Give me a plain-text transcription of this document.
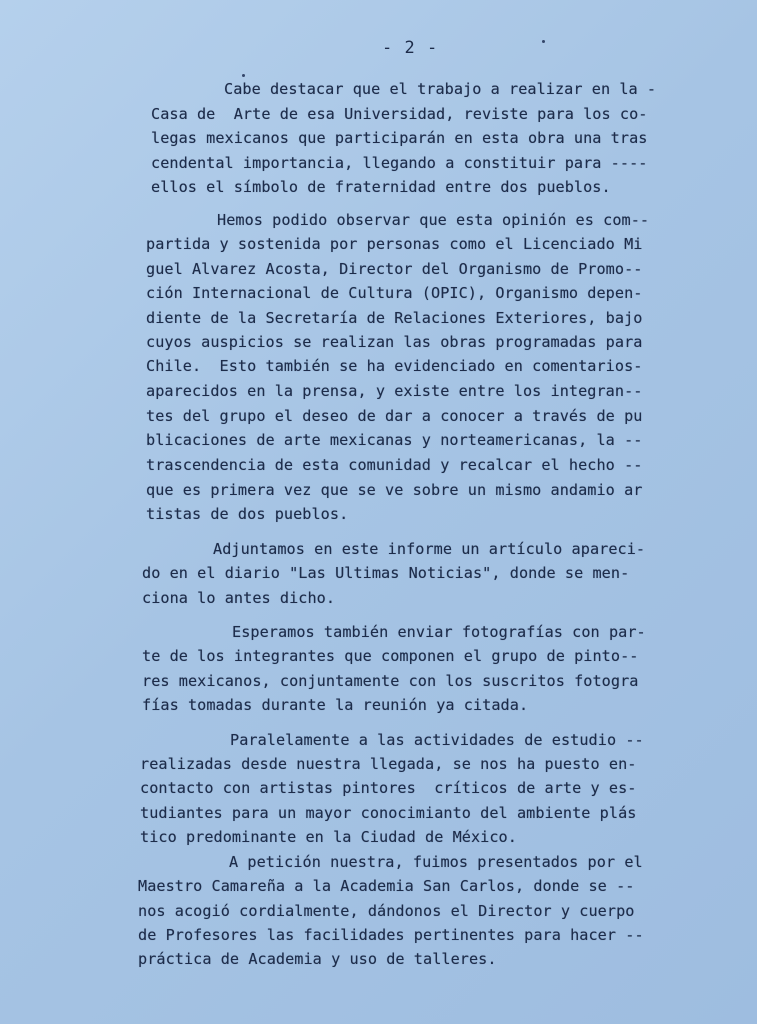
- 2 -
Cabe destacar que el trabajo a realizar en la -
Casa de  Arte de esa Universidad, reviste para los co-
legas mexicanos que participarán en esta obra una tras
cendental importancia, llegando a constituir para ----
ellos el símbolo de fraternidad entre dos pueblos.
Hemos podido observar que esta opinión es com--
partida y sostenida por personas como el Licenciado Mi
guel Alvarez Acosta, Director del Organismo de Promo--
ción Internacional de Cultura (OPIC), Organismo depen-
diente de la Secretaría de Relaciones Exteriores, bajo
cuyos auspicios se realizan las obras programadas para
Chile.  Esto también se ha evidenciado en comentarios-
aparecidos en la prensa, y existe entre los integran--
tes del grupo el deseo de dar a conocer a través de pu
blicaciones de arte mexicanas y norteamericanas, la --
trascendencia de esta comunidad y recalcar el hecho --
que es primera vez que se ve sobre un mismo andamio ar
tistas de dos pueblos.
Adjuntamos en este informe un artículo apareci-
do en el diario "Las Ultimas Noticias", donde se men-
ciona lo antes dicho.
Esperamos también enviar fotografías con par-
te de los integrantes que componen el grupo de pinto--
res mexicanos, conjuntamente con los suscritos fotogra
fías tomadas durante la reunión ya citada.
Paralelamente a las actividades de estudio --
realizadas desde nuestra llegada, se nos ha puesto en-
contacto con artistas pintores  críticos de arte y es-
tudiantes para un mayor conocimianto del ambiente plás
tico predominante en la Ciudad de México.
A petición nuestra, fuimos presentados por el
Maestro Camareña a la Academia San Carlos, donde se --
nos acogió cordialmente, dándonos el Director y cuerpo
de Profesores las facilidades pertinentes para hacer --
práctica de Academia y uso de talleres.
